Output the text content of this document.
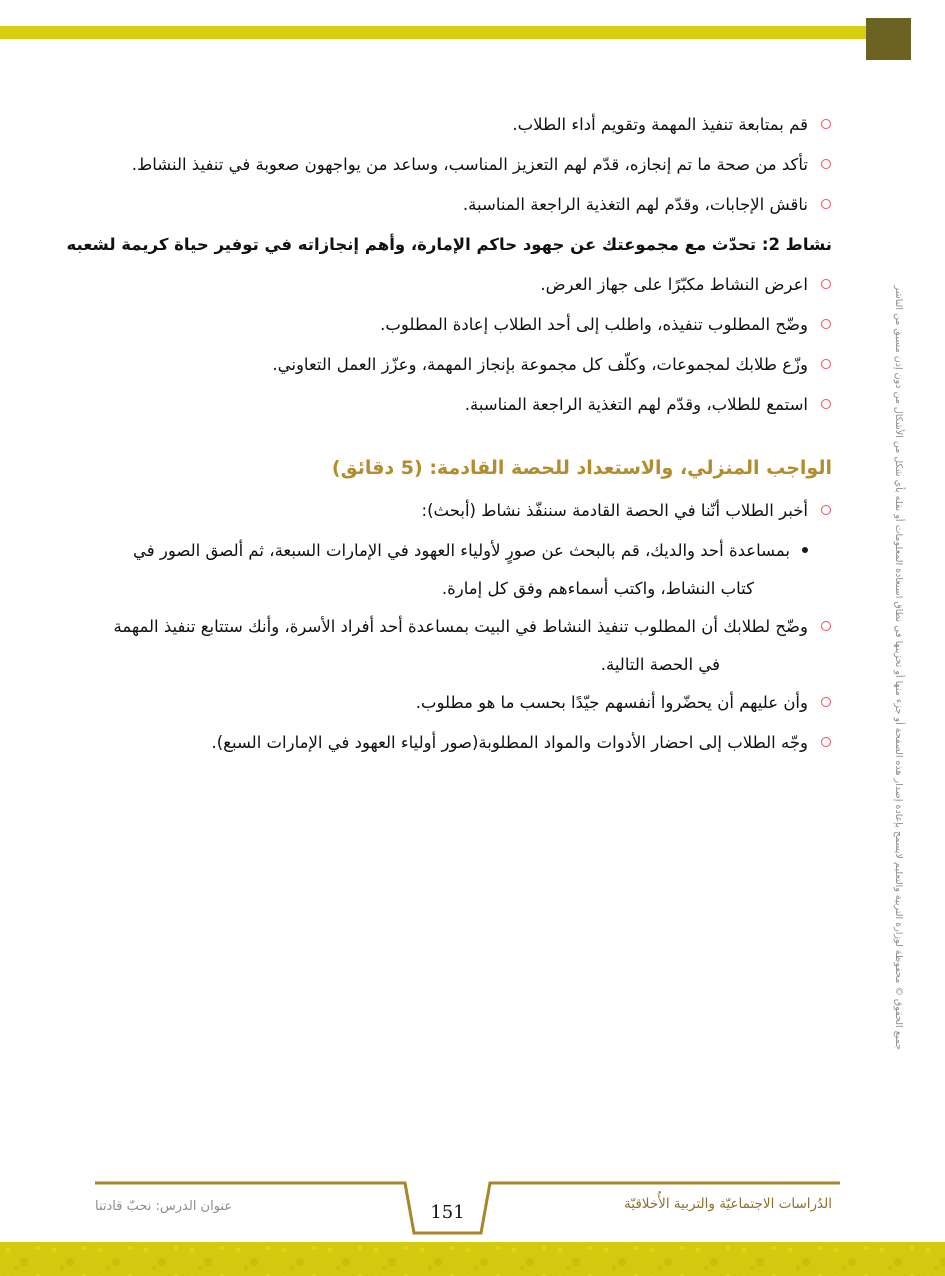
قم بمتابعة تنفيذ المهمة وتقويم أداء الطلاب.
تأكد من صحة ما تم إنجازه، قدّم لهم التعزيز المناسب، وساعد من يواجهون صعوبة في تنفيذ النشاط.
ناقش الإجابات، وقدّم لهم التغذية الراجعة المناسبة.
نشاط 2: تحدّث مع مجموعتك عن جهود حاكم الإمارة، وأهم إنجازاته في توفير حياة كريمة لشعبه
اعرض النشاط مكبّرًا على جهاز العرض.
وضّح المطلوب تنفيذه، واطلب إلى أحد الطلاب إعادة المطلوب.
وزّع طلابك لمجموعات، وكلّف كل مجموعة بإنجاز المهمة، وعزّز العمل التعاوني.
استمع للطلاب، وقدّم لهم التغذية الراجعة المناسبة.
الواجب المنزلي، والاستعداد للحصة القادمة: (5 دقائق)
أخبر الطلاب أنّنا في الحصة القادمة سننفّذ نشاط (أبحث):
بمساعدة أحد والديك، قم بالبحث عن صورٍ لأولياء العهود في الإمارات السبعة، ثم ألصق الصور في
كتاب النشاط، واكتب أسماءهم وفق كل إمارة.
وضّح لطلابك أن المطلوب تنفيذ النشاط في البيت بمساعدة أحد أفراد الأسرة، وأنك ستتابع تنفيذ المهمة
في الحصة التالية.
وأن عليهم أن يحضّروا أنفسهم جيّدًا بحسب ما هو مطلوب.
وجّه الطلاب إلى احضار الأدوات والمواد المطلوبة(صور أولياء العهود في الإمارات السبع).	جميع الحقوق © محفوظة لوزارة التربية والتعليم لايسمح بإعادة إصدار هذه الصفحة أو جزء منها أو تخزينها في نطاق استعادة المعلومات أو نقله بأي شكل من الأشكال من دون إذن مسبق من الناشر
151
عنوان الدرس: نحبّ قادتنا	الدُراسات الاجتماعيّة والتربية الأُخلاقيّة
